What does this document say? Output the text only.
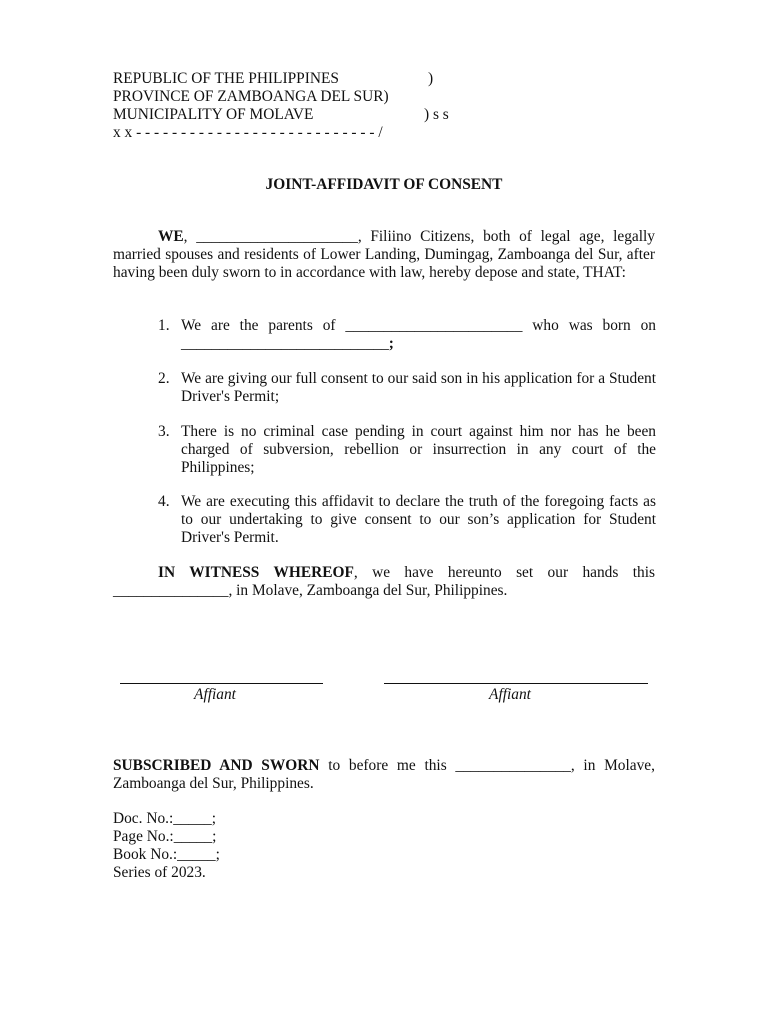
REPUBLIC OF THE PHILIPPINES	)
PROVINCE OF ZAMBOANGA DEL SUR)
MUNICIPALITY OF MOLAVE	) s s
x x - - - - - - - - - - - - - - - - - - - - - - - - - - - /
JOINT-AFFIDAVIT OF CONSENT
WE, _____________________, Filiino Citizens, both of legal age, legally married spouses and residents of Lower Landing, Dumingag, Zamboanga del Sur, after having been duly sworn to in accordance with law, hereby depose and state, THAT:
1. We are the parents of _______________________ who was born on ___________________________;
2. We are giving our full consent to our said son in his application for a Student Driver's Permit;
3. There is no criminal case pending in court against him nor has he been charged of subversion, rebellion or insurrection in any court of the Philippines;
4. We are executing this affidavit to declare the truth of the foregoing facts as to our undertaking to give consent to our son’s application for Student Driver's Permit.
IN WITNESS WHEREOF, we have hereunto set our hands this _______________, in Molave, Zamboanga del Sur, Philippines.
Affiant	Affiant
SUBSCRIBED AND SWORN to before me this _______________, in Molave, Zamboanga del Sur, Philippines.
Doc. No.:_____;
Page No.:_____;
Book No.:_____;
Series of 2023.
